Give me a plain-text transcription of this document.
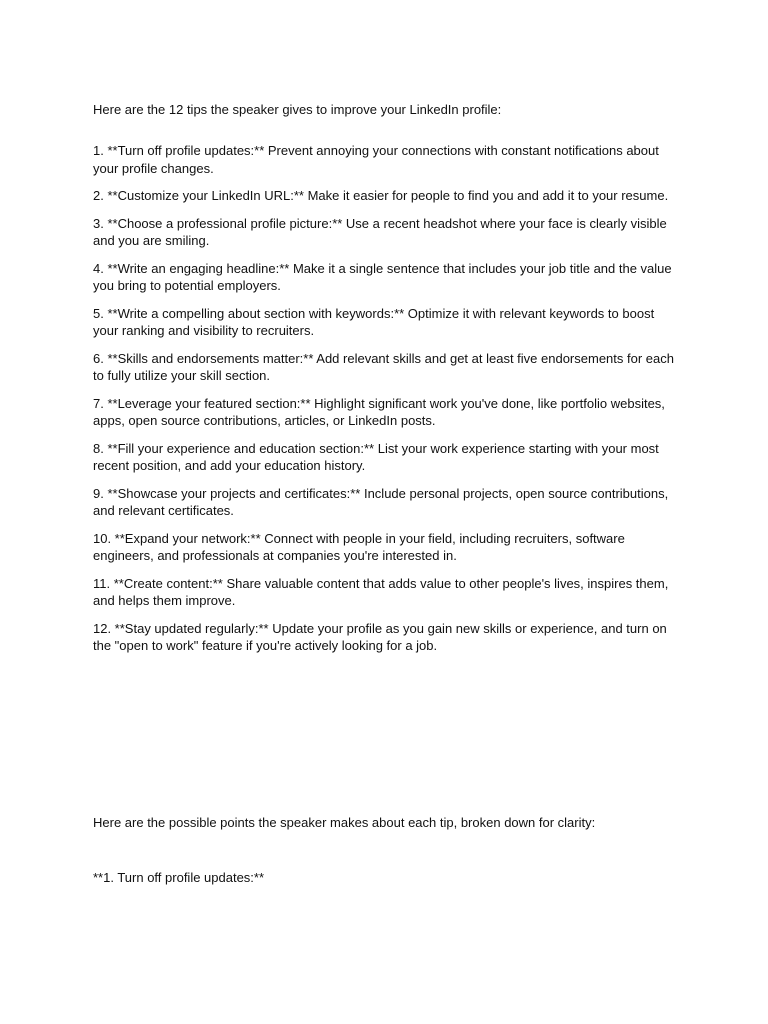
Here are the 12 tips the speaker gives to improve your LinkedIn profile:

1. **Turn off profile updates:** Prevent annoying your connections with constant notifications about your profile changes.
2. **Customize your LinkedIn URL:** Make it easier for people to find you and add it to your resume.
3. **Choose a professional profile picture:** Use a recent headshot where your face is clearly visible and you are smiling.
4. **Write an engaging headline:** Make it a single sentence that includes your job title and the value you bring to potential employers.
5. **Write a compelling about section with keywords:** Optimize it with relevant keywords to boost your ranking and visibility to recruiters.
6. **Skills and endorsements matter:** Add relevant skills and get at least five endorsements for each to fully utilize your skill section.
7. **Leverage your featured section:** Highlight significant work you've done, like portfolio websites, apps, open source contributions, articles, or LinkedIn posts.
8. **Fill your experience and education section:** List your work experience starting with your most recent position, and add your education history.
9. **Showcase your projects and certificates:** Include personal projects, open source contributions, and relevant certificates.
10. **Expand your network:** Connect with people in your field, including recruiters, software engineers, and professionals at companies you're interested in.
11. **Create content:** Share valuable content that adds value to other people's lives, inspires them, and helps them improve.
12. **Stay updated regularly:** Update your profile as you gain new skills or experience, and turn on the "open to work" feature if you're actively looking for a job.

Here are the possible points the speaker makes about each tip, broken down for clarity:

**1. Turn off profile updates:**
